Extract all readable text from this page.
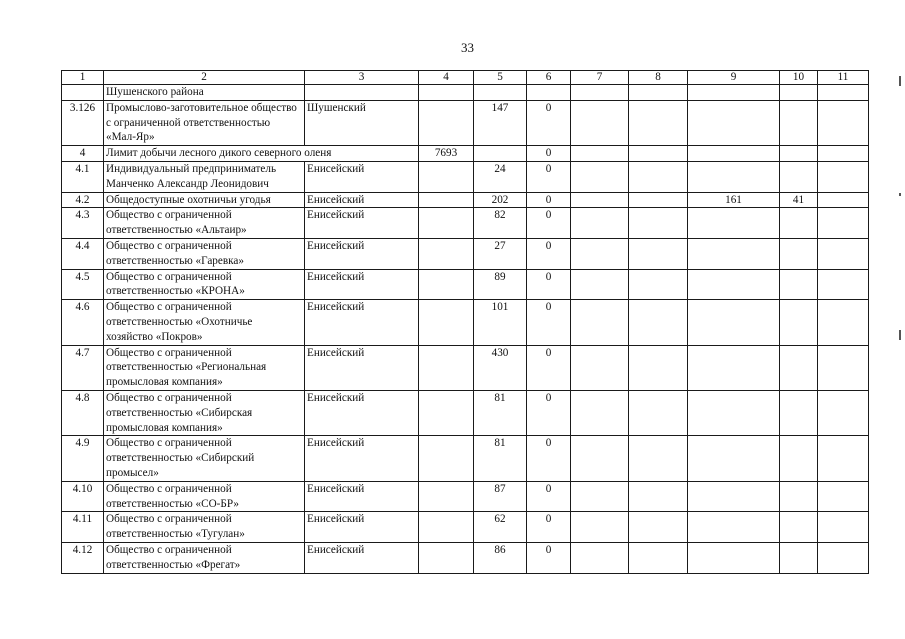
33
1	2	3	4	5	6	7	8	9	10	11
	Шушенского района									
3.126	Промыслово-заготовительное общество с ограниченной ответственностью «Мал-Яр»	Шушенский		147	0					
4	Лимит добычи лесного дикого северного оленя		7693		0					
4.1	Индивидуальный предприниматель Манченко Александр Леонидович	Енисейский		24	0					
4.2	Общедоступные охотничьи угодья	Енисейский		202	0			161	41	
4.3	Общество с ограниченной ответственностью «Альтаир»	Енисейский		82	0					
4.4	Общество с ограниченной ответственностью «Гаревка»	Енисейский		27	0					
4.5	Общество с ограниченной ответственностью «КРОНА»	Енисейский		89	0					
4.6	Общество с ограниченной ответственностью «Охотничье хозяйство «Покров»	Енисейский		101	0					
4.7	Общество с ограниченной ответственностью «Региональная промысловая компания»	Енисейский		430	0					
4.8	Общество с ограниченной ответственностью «Сибирская промысловая компания»	Енисейский		81	0					
4.9	Общество с ограниченной ответственностью «Сибирский промысел»	Енисейский		81	0					
4.10	Общество с ограниченной ответственностью «СО-БР»	Енисейский		87	0					
4.11	Общество с ограниченной ответственностью «Тугулан»	Енисейский		62	0					
4.12	Общество с ограниченной ответственностью «Фрегат»	Енисейский		86	0					
